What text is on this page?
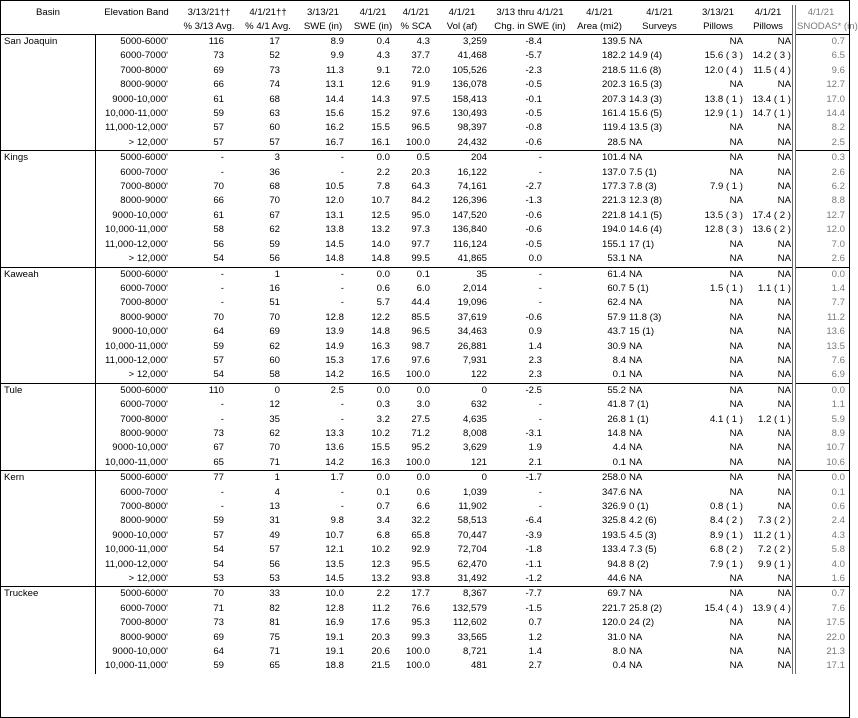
Basin	Elevation Band	3/13/21††	4/1/21††	3/13/21	4/1/21	4/1/21	4/1/21	3/13 thru 4/1/21	4/1/21	4/1/21	3/13/21	4/1/21	4/1/21
		% 3/13 Avg.	% 4/1 Avg.	SWE (in)	SWE (in)	% SCA	Vol (af)	Chg. in SWE (in)	Area (mi2)	Surveys	Pillows	Pillows	SNODAS* (in)
San Joaquin	5000-6000'	116	17	8.9	0.4	4.3	3,259	-8.4	139.5	NA	NA	NA	0.7
	6000-7000'	73	52	9.9	4.3	37.7	41,468	-5.7	182.2	14.9 (4)	15.6 ( 3 )	14.2 ( 3 )	6.5
	7000-8000'	69	73	11.3	9.1	72.0	105,526	-2.3	218.5	11.6 (8)	12.0 ( 4 )	11.5 ( 4 )	9.6
	8000-9000'	66	74	13.1	12.6	91.9	136,078	-0.5	202.3	16.5 (3)	NA	NA	12.7
	9000-10,000'	61	68	14.4	14.3	97.5	158,413	-0.1	207.3	14.3 (3)	13.8 ( 1 )	13.4 ( 1 )	17.0
	10,000-11,000'	59	63	15.6	15.2	97.6	130,493	-0.5	161.4	15.6 (5)	12.9 ( 1 )	14.7 ( 1 )	14.4
	11,000-12,000'	57	60	16.2	15.5	96.5	98,397	-0.8	119.4	13.5 (3)	NA	NA	8.2
	> 12,000'	57	57	16.7	16.1	100.0	24,432	-0.6	28.5	NA	NA	NA	2.5
Kings	5000-6000'	-	3	-	0.0	0.5	204	-	101.4	NA	NA	NA	0.3
	6000-7000'	-	36	-	2.2	20.3	16,122	-	137.0	7.5 (1)	NA	NA	2.6
	7000-8000'	70	68	10.5	7.8	64.3	74,161	-2.7	177.3	7.8 (3)	7.9 ( 1 )	NA	6.2
	8000-9000'	66	70	12.0	10.7	84.2	126,396	-1.3	221.3	12.3 (8)	NA	NA	8.8
	9000-10,000'	61	67	13.1	12.5	95.0	147,520	-0.6	221.8	14.1 (5)	13.5 ( 3 )	17.4 ( 2 )	12.7
	10,000-11,000'	58	62	13.8	13.2	97.3	136,840	-0.6	194.0	14.6 (4)	12.8 ( 3 )	13.6 ( 2 )	12.0
	11,000-12,000'	56	59	14.5	14.0	97.7	116,124	-0.5	155.1	17 (1)	NA	NA	7.0
	> 12,000'	54	56	14.8	14.8	99.5	41,865	0.0	53.1	NA	NA	NA	2.6
Kaweah	5000-6000'	-	1	-	0.0	0.1	35	-	61.4	NA	NA	NA	0.0
	6000-7000'	-	16	-	0.6	6.0	2,014	-	60.7	5 (1)	1.5 ( 1 )	1.1 ( 1 )	1.4
	7000-8000'	-	51	-	5.7	44.4	19,096	-	62.4	NA	NA	NA	7.7
	8000-9000'	70	70	12.8	12.2	85.5	37,619	-0.6	57.9	11.8 (3)	NA	NA	11.2
	9000-10,000'	64	69	13.9	14.8	96.5	34,463	0.9	43.7	15 (1)	NA	NA	13.6
	10,000-11,000'	59	62	14.9	16.3	98.7	26,881	1.4	30.9	NA	NA	NA	13.5
	11,000-12,000'	57	60	15.3	17.6	97.6	7,931	2.3	8.4	NA	NA	NA	7.6
	> 12,000'	54	58	14.2	16.5	100.0	122	2.3	0.1	NA	NA	NA	6.9
Tule	5000-6000'	110	0	2.5	0.0	0.0	0	-2.5	55.2	NA	NA	NA	0.0
	6000-7000'	-	12	-	0.3	3.0	632	-	41.8	7 (1)	NA	NA	1.1
	7000-8000'	-	35	-	3.2	27.5	4,635	-	26.8	1 (1)	4.1 ( 1 )	1.2 ( 1 )	5.9
	8000-9000'	73	62	13.3	10.2	71.2	8,008	-3.1	14.8	NA	NA	NA	8.9
	9000-10,000'	67	70	13.6	15.5	95.2	3,629	1.9	4.4	NA	NA	NA	10.7
	10,000-11,000'	65	71	14.2	16.3	100.0	121	2.1	0.1	NA	NA	NA	10.6
Kern	5000-6000'	77	1	1.7	0.0	0.0	0	-1.7	258.0	NA	NA	NA	0.0
	6000-7000'	-	4	-	0.1	0.6	1,039	-	347.6	NA	NA	NA	0.1
	7000-8000'	-	13	-	0.7	6.6	11,902	-	326.9	0 (1)	0.8 ( 1 )	NA	0.6
	8000-9000'	59	31	9.8	3.4	32.2	58,513	-6.4	325.8	4.2 (6)	8.4 ( 2 )	7.3 ( 2 )	2.4
	9000-10,000'	57	49	10.7	6.8	65.8	70,447	-3.9	193.5	4.5 (3)	8.9 ( 1 )	11.2 ( 1 )	4.3
	10,000-11,000'	54	57	12.1	10.2	92.9	72,704	-1.8	133.4	7.3 (5)	6.8 ( 2 )	7.2 ( 2 )	5.8
	11,000-12,000'	54	56	13.5	12.3	95.5	62,470	-1.1	94.8	8 (2)	7.9 ( 1 )	9.9 ( 1 )	4.0
	> 12,000'	53	53	14.5	13.2	93.8	31,492	-1.2	44.6	NA	NA	NA	1.6
Truckee	5000-6000'	70	33	10.0	2.2	17.7	8,367	-7.7	69.7	NA	NA	NA	0.7
	6000-7000'	71	82	12.8	11.2	76.6	132,579	-1.5	221.7	25.8 (2)	15.4 ( 4 )	13.9 ( 4 )	7.6
	7000-8000'	73	81	16.9	17.6	95.3	112,602	0.7	120.0	24 (2)	NA	NA	17.5
	8000-9000'	69	75	19.1	20.3	99.3	33,565	1.2	31.0	NA	NA	NA	22.0
	9000-10,000'	64	71	19.1	20.6	100.0	8,721	1.4	8.0	NA	NA	NA	21.3
	10,000-11,000'	59	65	18.8	21.5	100.0	481	2.7	0.4	NA	NA	NA	17.1
